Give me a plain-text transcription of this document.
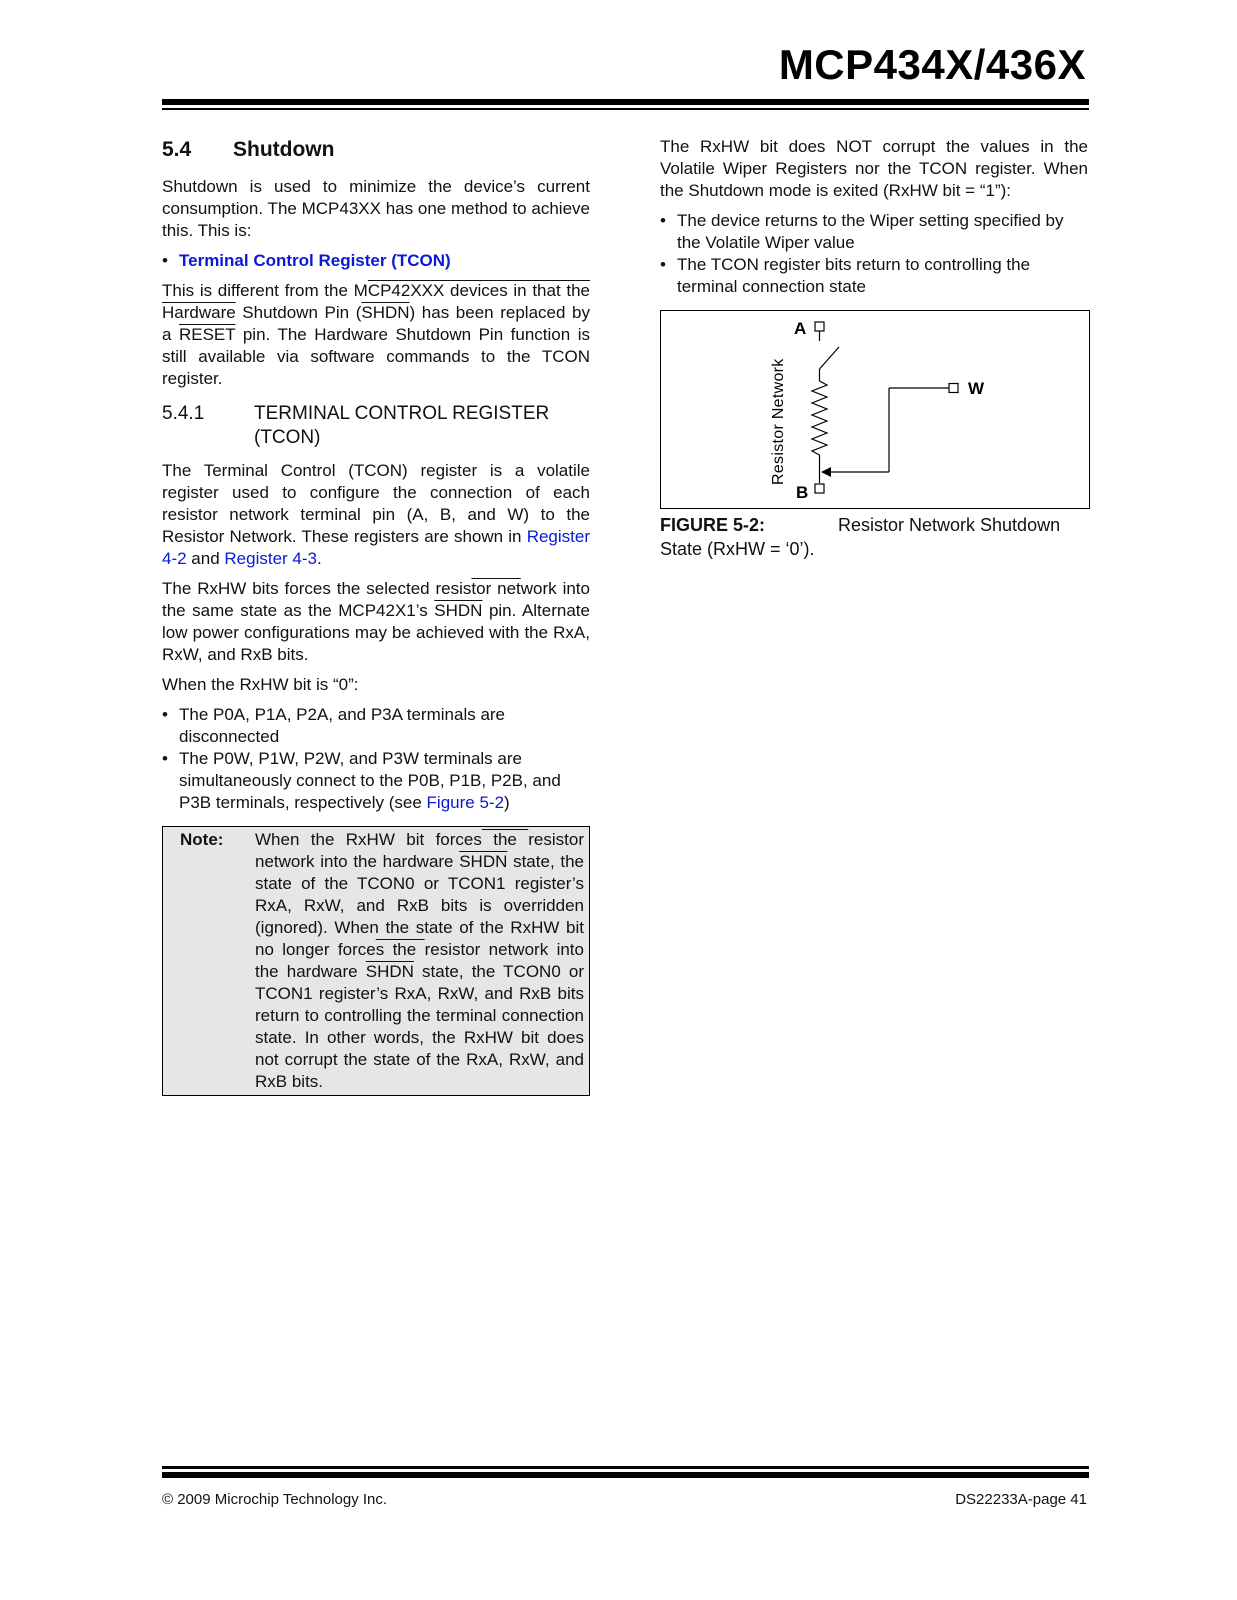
MCP434X/436X
5.4 Shutdown

Shutdown is used to minimize the device’s current consumption. The MCP43XX has one method to achieve this. This is:

• Terminal Control Register (TCON)

This is different from the MCP42XXX devices in that the Hardware Shutdown Pin (SHDN) has been replaced by a RESET pin. The Hardware Shutdown Pin function is still available via software commands to the TCON register.

5.4.1	TERMINAL CONTROL REGISTER (TCON)

The Terminal Control (TCON) register is a volatile register used to configure the connection of each resistor network terminal pin (A, B, and W) to the Resistor Network. These registers are shown in Register 4-2 and Register 4-3.

The RxHW bits forces the selected resistor network into the same state as the MCP42X1’s SHDN pin. Alternate low power configurations may be achieved with the RxA, RxW, and RxB bits.

When the RxHW bit is “0”:

• The P0A, P1A, P2A, and P3A terminals are disconnected
• The P0W, P1W, P2W, and P3W terminals are simultaneously connect to the P0B, P1B, P2B, and P3B terminals, respectively (see Figure 5-2)
Note:	When the RxHW bit forces the resistor network into the hardware SHDN state, the state of the TCON0 or TCON1 register’s RxA, RxW, and RxB bits is overridden (ignored). When the state of the RxHW bit no longer forces the resistor network into the hardware SHDN state, the TCON0 or TCON1 register’s RxA, RxW, and RxB bits return to controlling the terminal connection state. In other words, the RxHW bit does not corrupt the state of the RxA, RxW, and RxB bits.

The RxHW bit does NOT corrupt the values in the Volatile Wiper Registers nor the TCON register. When the Shutdown mode is exited (RxHW bit = “1”):

• The device returns to the Wiper setting specified by the Volatile Wiper value
• The TCON register bits return to controlling the terminal connection state
A
B
W
Resistor Network
FIGURE 5-2:	Resistor Network Shutdown State (RxHW = ‘0’).
© 2009 Microchip Technology Inc.	DS22233A-page 41
